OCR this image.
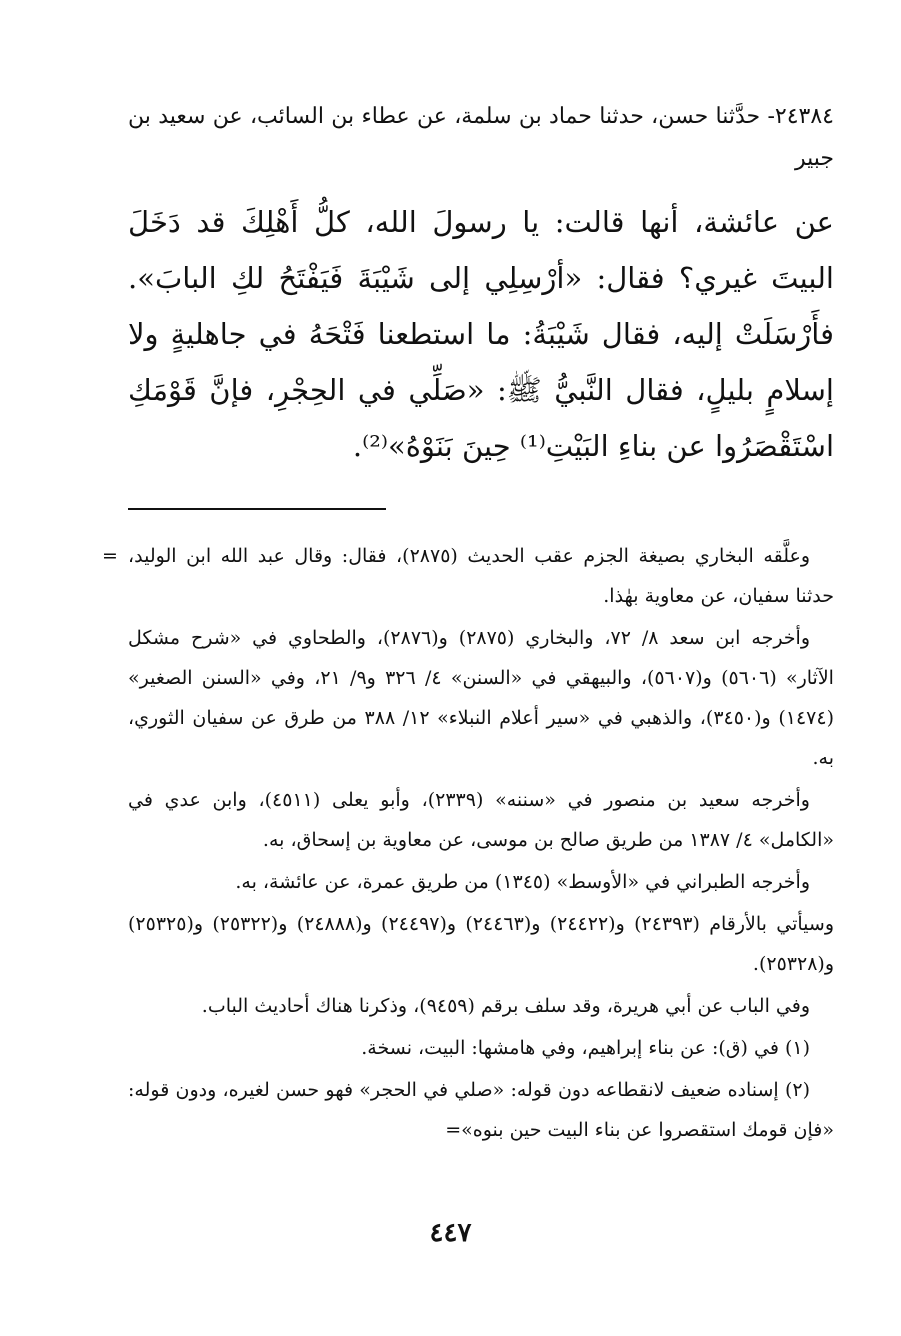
٢٤٣٨٤- حدَّثنا حسن، حدثنا حماد بن سلمة، عن عطاء بن السائب، عن سعيد بن جبير

عن عائشة، أنها قالت: يا رسولَ الله، كلُّ أَهْلِكَ قد دَخَلَ البيتَ غيري؟ فقال: «أرْسِلِي إلى شَيْبَةَ فَيَفْتَحُ لكِ البابَ». فأَرْسَلَتْ إليه، فقال شَيْبَةُ: ما استطعنا فَتْحَهُ في جاهليةٍ ولا إسلامٍ بليلٍ، فقال النَّبيُّ ﷺ: «صَلِّي في الحِجْرِ، فإنَّ قَوْمَكِ اسْتَقْصَرُوا عن بناءِ البَيْتِ⁽¹⁾ حِينَ بَنَوْهُ»⁽²⁾.

= وعلَّقه البخاري بصيغة الجزم عقب الحديث (٢٨٧٥)، فقال: وقال عبد الله ابن الوليد، حدثنا سفيان، عن معاوية بهٰذا.

وأخرجه ابن سعد ٨/ ٧٢، والبخاري (٢٨٧٥) و(٢٨٧٦)، والطحاوي في «شرح مشكل الآثار» (٥٦٠٦) و(٥٦٠٧)، والبيهقي في «السنن» ٤/ ٣٢٦ و٩/ ٢١، وفي «السنن الصغير» (١٤٧٤) و(٣٤٥٠)، والذهبي في «سير أعلام النبلاء» ١٢/ ٣٨٨ من طرق عن سفيان الثوري، به.

وأخرجه سعيد بن منصور في «سننه» (٢٣٣٩)، وأبو يعلى (٤٥١١)، وابن عدي في «الكامل» ٤/ ١٣٨٧ من طريق صالح بن موسى، عن معاوية بن إسحاق، به.

وأخرجه الطبراني في «الأوسط» (١٣٤٥) من طريق عمرة، عن عائشة، به.

وسيأتي بالأرقام (٢٤٣٩٣) و(٢٤٤٢٢) و(٢٤٤٦٣) و(٢٤٤٩٧) و(٢٤٨٨٨) و(٢٥٣٢٢) و(٢٥٣٢٥) و(٢٥٣٢٨).

وفي الباب عن أبي هريرة، وقد سلف برقم (٩٤٥٩)، وذكرنا هناك أحاديث الباب.

(١) في (ق): عن بناء إبراهيم، وفي هامشها: البيت، نسخة.

(٢) إسناده ضعيف لانقطاعه دون قوله: «صلي في الحجر» فهو حسن لغيره، ودون قوله: «فإن قومك استقصروا عن بناء البيت حين بنوه»=

٤٤٧
